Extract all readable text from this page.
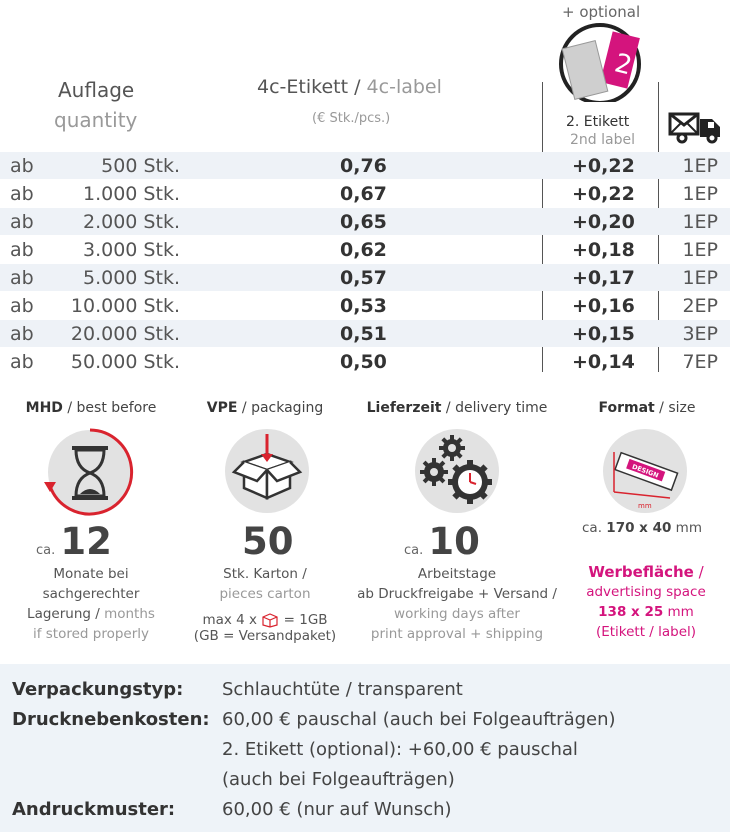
+ optional
2
Auflage
quantity
4c-Etikett / 4c-label
(€ Stk./pcs.)	2. Etikett
2nd label
ab	500 Stk.	0,76	+0,22	1EP
ab	1.000 Stk.	0,67	+0,22	1EP
ab	2.000 Stk.	0,65	+0,20	1EP
ab	3.000 Stk.	0,62	+0,18	1EP
ab	5.000 Stk.	0,57	+0,17	1EP
ab 10.000 Stk.	0,53	+0,16	2EP
ab 20.000 Stk.	0,51	+0,15	3EP
ab 50.000 Stk.	0,50	+0,14	7EP
MHD / best before
ca. 12
Monate bei
sachgerechter
Lagerung / months
if stored properly
VPE / packaging
50
Stk. Karton /
pieces carton
max 4 x = 1GB
(GB = Versandpaket)
Lieferzeit / delivery time
ca. 10
Arbeitstage
ab Druckfreigabe + Versand /
working days after
print approval + shipping
Format / size
DESIGN
mm
ca. 170 x 40 mm
Werbefläche /
advertising space
138 x 25 mm
(Etikett / label)
Verpackungstyp: Schlauchtüte / transparent
Drucknebenkosten: 60,00 € pauschal (auch bei Folgeaufträgen)
2. Etikett (optional): +60,00 € pauschal
(auch bei Folgeaufträgen)
Andruckmuster:	60,00 € (nur auf Wunsch)
